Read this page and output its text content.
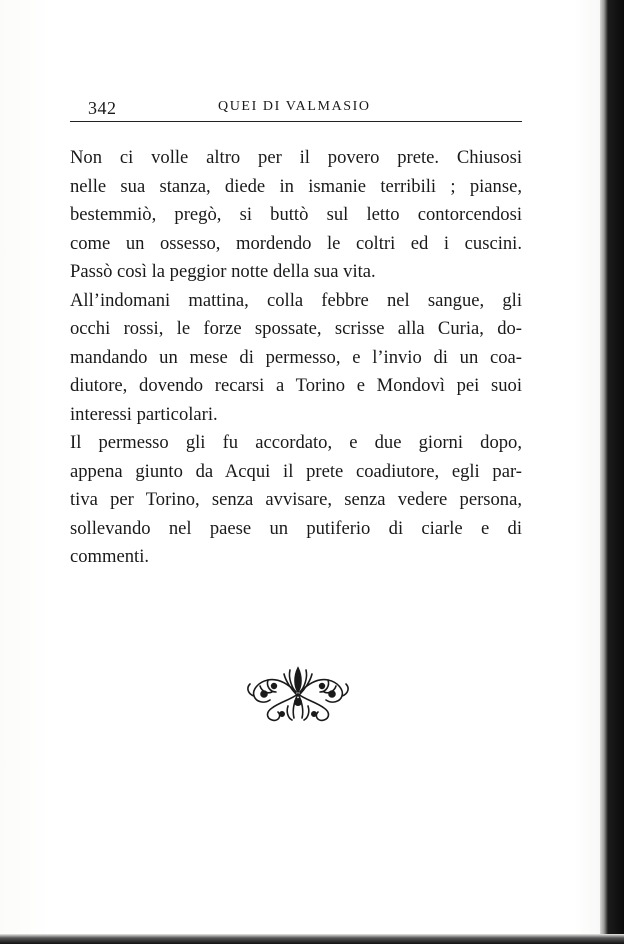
342	QUEI DI VALMASIO

Non ci volle altro per il povero prete. Chiusosi
nelle sua stanza, diede in ismanie terribili ; pianse,
bestemmiò, pregò, si buttò sul letto contorcendosi
come un ossesso, mordendo le coltri ed i cuscini.
Passò così la peggior notte della sua vita.

All’indomani mattina, colla febbre nel sangue, gli
occhi rossi, le forze spossate, scrisse alla Curia, do-
mandando un mese di permesso, e l’invio di un coa-
diutore, dovendo recarsi a Torino e Mondovì pei suoi
interessi particolari.

Il permesso gli fu accordato, e due giorni dopo,
appena giunto da Acqui il prete coadiutore, egli par-
tiva per Torino, senza avvisare, senza vedere persona,
sollevando nel paese un putiferio di ciarle e di
commenti.
